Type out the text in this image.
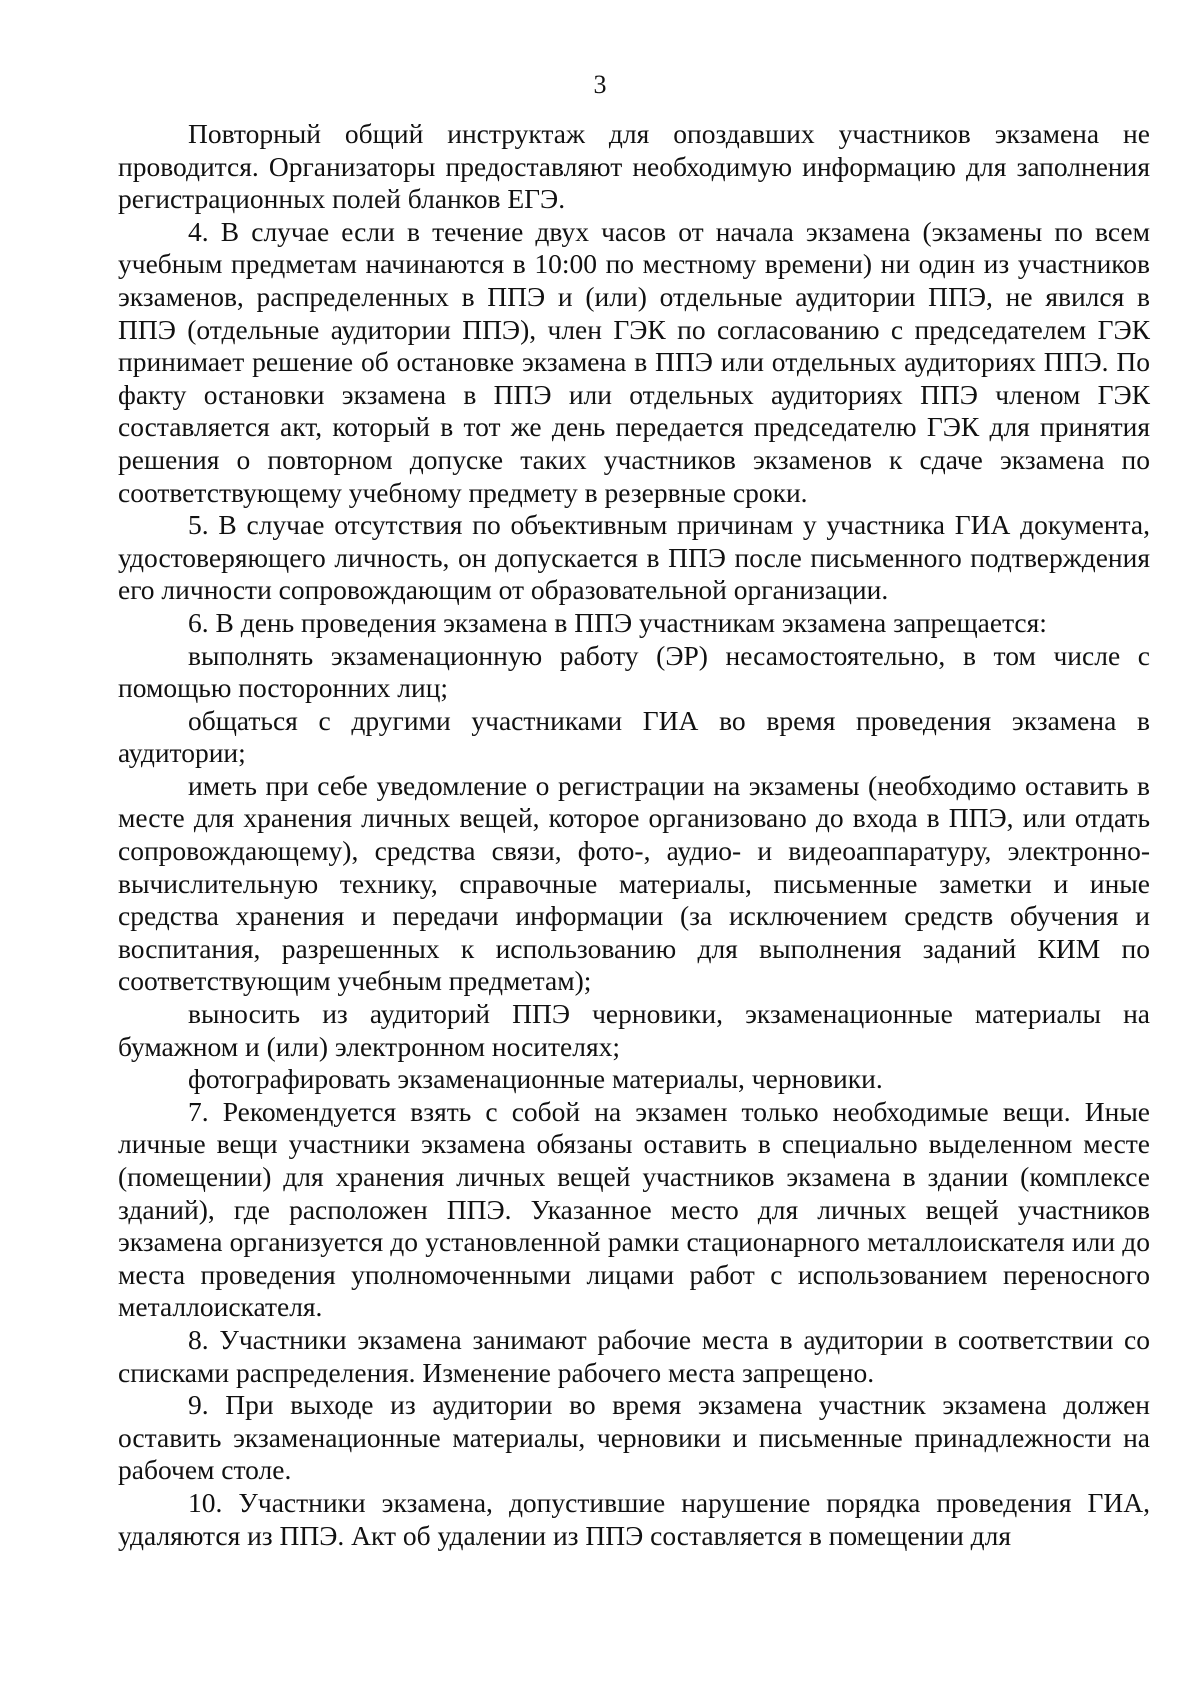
3

Повторный общий инструктаж для опоздавших участников экзамена не проводится. Организаторы предоставляют необходимую информацию для заполнения регистрационных полей бланков ЕГЭ.

4. В случае если в течение двух часов от начала экзамена (экзамены по всем учебным предметам начинаются в 10:00 по местному времени) ни один из участников экзаменов, распределенных в ППЭ и (или) отдельные аудитории ППЭ, не явился в ППЭ (отдельные аудитории ППЭ), член ГЭК по согласованию с председателем ГЭК принимает решение об остановке экзамена в ППЭ или отдельных аудиториях ППЭ. По факту остановки экзамена в ППЭ или отдельных аудиториях ППЭ членом ГЭК составляется акт, который в тот же день передается председателю ГЭК для принятия решения о повторном допуске таких участников экзаменов к сдаче экзамена по соответствующему учебному предмету в резервные сроки.

5. В случае отсутствия по объективным причинам у участника ГИА документа, удостоверяющего личность, он допускается в ППЭ после письменного подтверждения его личности сопровождающим от образовательной организации.

6. В день проведения экзамена в ППЭ участникам экзамена запрещается:

выполнять экзаменационную работу (ЭР) несамостоятельно, в том числе с помощью посторонних лиц;

общаться с другими участниками ГИА во время проведения экзамена в аудитории;

иметь при себе уведомление о регистрации на экзамены (необходимо оставить в месте для хранения личных вещей, которое организовано до входа в ППЭ, или отдать сопровождающему), средства связи, фото-, аудио- и видеоаппаратуру, электронно-вычислительную технику, справочные материалы, письменные заметки и иные средства хранения и передачи информации (за исключением средств обучения и воспитания, разрешенных к использованию для выполнения заданий КИМ по соответствующим учебным предметам);

выносить из аудиторий ППЭ черновики, экзаменационные материалы на бумажном и (или) электронном носителях;

фотографировать экзаменационные материалы, черновики.

7. Рекомендуется взять с собой на экзамен только необходимые вещи. Иные личные вещи участники экзамена обязаны оставить в специально выделенном месте (помещении) для хранения личных вещей участников экзамена в здании (комплексе зданий), где расположен ППЭ. Указанное место для личных вещей участников экзамена организуется до установленной рамки стационарного металлоискателя или до места проведения уполномоченными лицами работ с использованием переносного металлоискателя.

8. Участники экзамена занимают рабочие места в аудитории в соответствии со списками распределения. Изменение рабочего места запрещено.

9. При выходе из аудитории во время экзамена участник экзамена должен оставить экзаменационные материалы, черновики и письменные принадлежности на рабочем столе.

10. Участники экзамена, допустившие нарушение порядка проведения ГИА, удаляются из ППЭ. Акт об удалении из ППЭ составляется в помещении для
